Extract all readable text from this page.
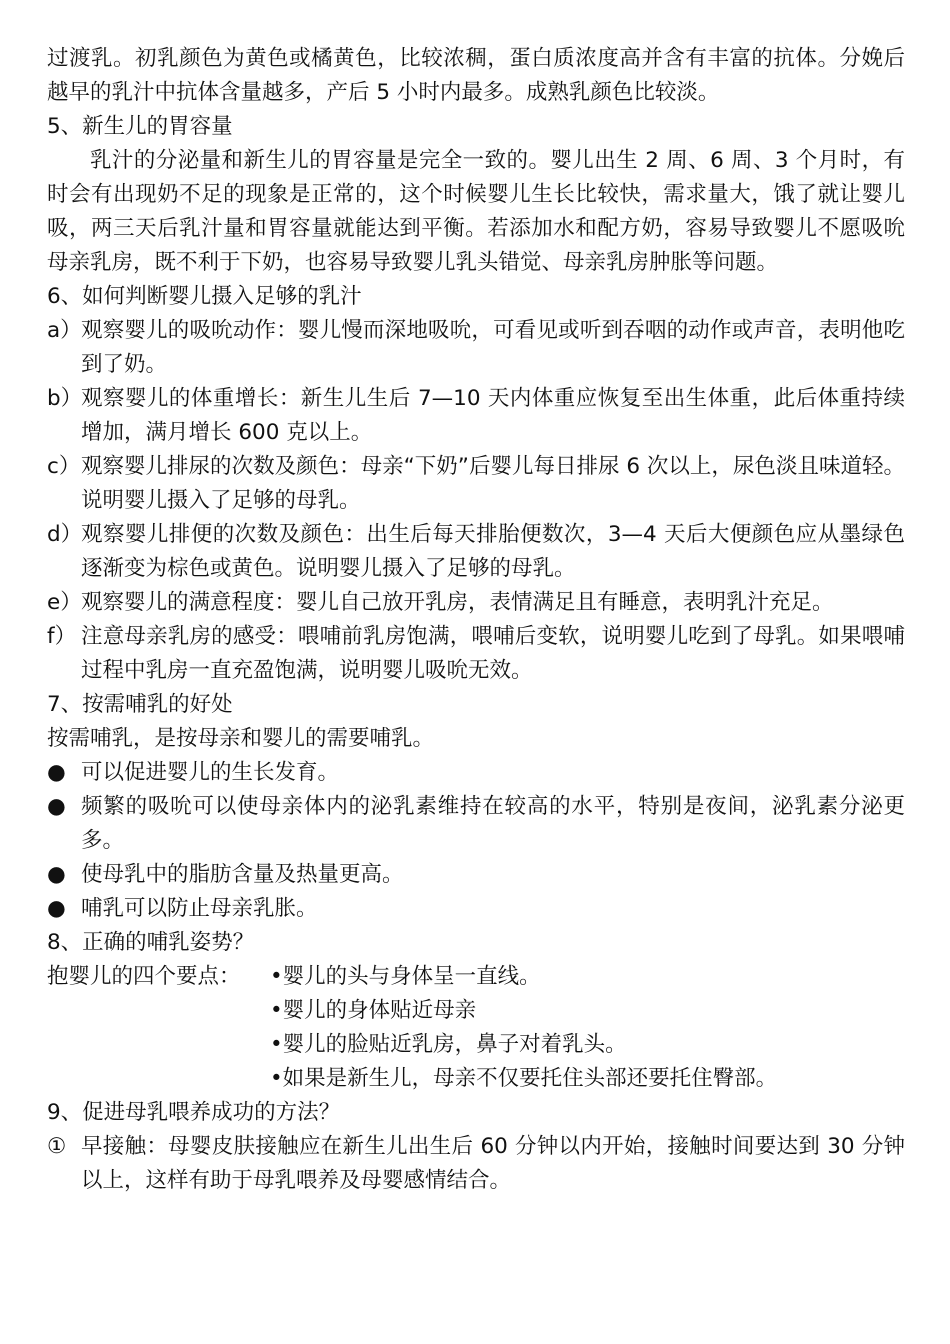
过渡乳。初乳颜色为黄色或橘黄色，比较浓稠，蛋白质浓度高并含有丰富的抗体。分娩后越早的乳汁中抗体含量越多，产后 5 小时内最多。成熟乳颜色比较淡。

5、新生儿的胃容量

乳汁的分泌量和新生儿的胃容量是完全一致的。婴儿出生 2 周、6 周、3 个月时，有时会有出现奶不足的现象是正常的，这个时候婴儿生长比较快，需求量大，饿了就让婴儿吸，两三天后乳汁量和胃容量就能达到平衡。若添加水和配方奶，容易导致婴儿不愿吸吮母亲乳房，既不利于下奶，也容易导致婴儿乳头错觉、母亲乳房肿胀等问题。

6、如何判断婴儿摄入足够的乳汁

a） 观察婴儿的吸吮动作：婴儿慢而深地吸吮，可看见或听到吞咽的动作或声音，表明他吃到了奶。
b）
观察婴儿的体重增长：新生儿生后 7—10 天内体重应恢复至出生体重，此后体重持续增加，满月增长 600 克以上。
c） 观察婴儿排尿的次数及颜色：母亲“下奶”后婴儿每日排尿 6 次以上，尿色淡且味道轻。说明婴儿摄入了足够的母乳。
d）
观察婴儿排便的次数及颜色：出生后每天排胎便数次，3—4 天后大便颜色应从墨绿色逐渐变为棕色或黄色。说明婴儿摄入了足够的母乳。
e） 观察婴儿的满意程度：婴儿自己放开乳房，表情满足且有睡意，表明乳汁充足。
f） 注意母亲乳房的感受：喂哺前乳房饱满，喂哺后变软，说明婴儿吃到了母乳。如果喂哺过程中乳房一直充盈饱满，说明婴儿吸吮无效。

7、按需哺乳的好处

按需哺乳，是按母亲和婴儿的需要哺乳。

● 可以促进婴儿的生长发育。
● 频繁的吸吮可以使母亲体内的泌乳素维持在较高的水平，特别是夜间，泌乳素分泌更多。
● 使母乳中的脂肪含量及热量更高。
● 哺乳可以防止母亲乳胀。

8、正确的哺乳姿势？

抱婴儿的四个要点：	•婴儿的头与身体呈一直线。
•婴儿的身体贴近母亲
•婴儿的脸贴近乳房，鼻子对着乳头。
•如果是新生儿，母亲不仅要托住头部还要托住臀部。

9、促进母乳喂养成功的方法？

① 早接触：母婴皮肤接触应在新生儿出生后 60 分钟以内开始，接触时间要达到 30 分钟以上，这样有助于母乳喂养及母婴感情结合。
